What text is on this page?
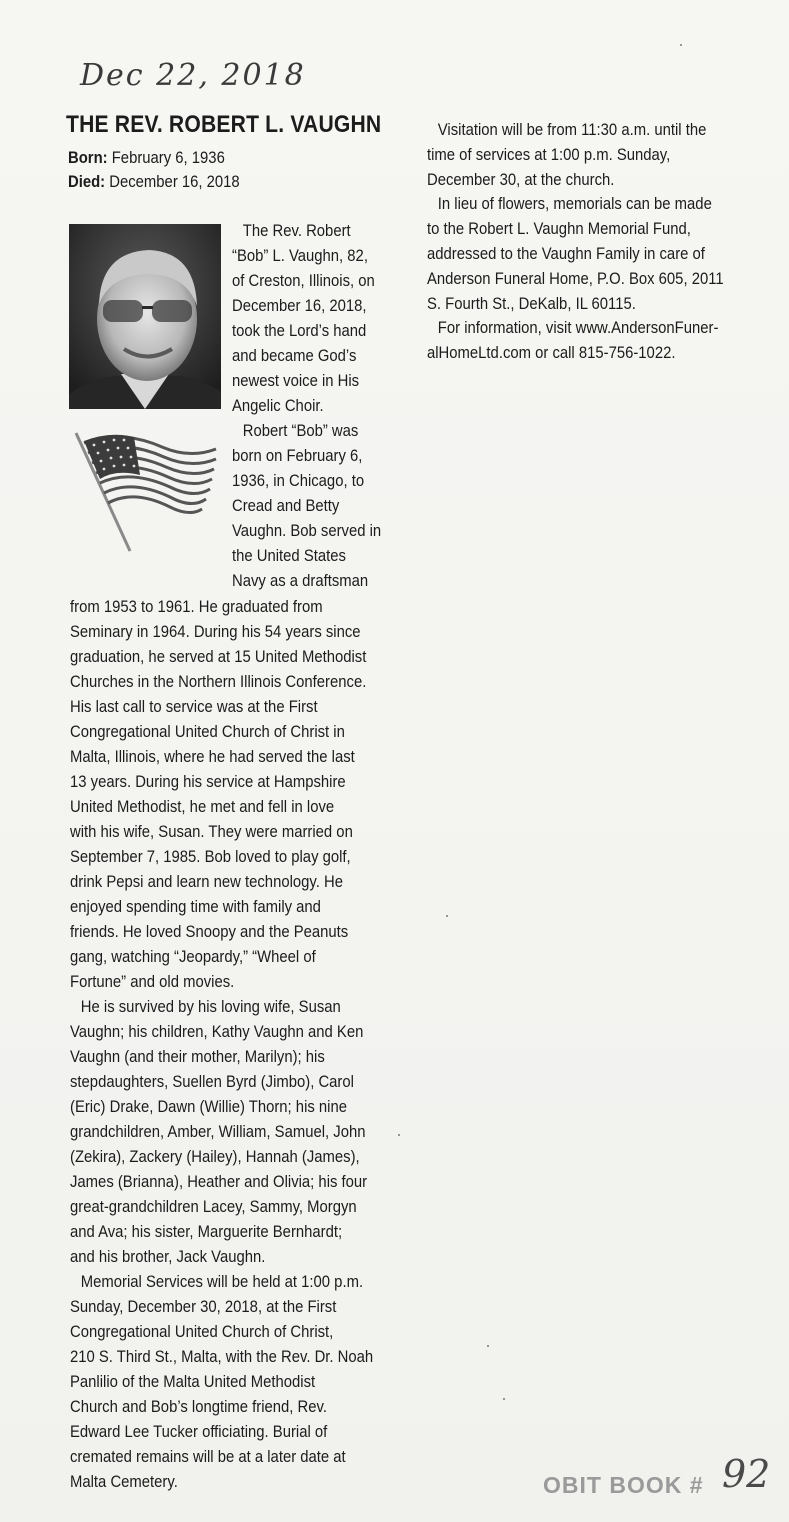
Dec 22, 2018
THE REV. ROBERT L. VAUGHN
Born: February 6, 1936
Died: December 16, 2018

The Rev. Robert

“Bob” L. Vaughn, 82,

of Creston, Illinois, on

December 16, 2018,

took the Lord’s hand

and became God’s

newest voice in His

Angelic Choir.

Robert “Bob” was

born on February 6,

1936, in Chicago, to

Cread and Betty

Vaughn. Bob served in

the United States

Navy as a draftsman

from 1953 to 1961. He graduated from

Seminary in 1964. During his 54 years since

graduation, he served at 15 United Methodist

Churches in the Northern Illinois Conference.

His last call to service was at the First

Congregational United Church of Christ in

Malta, Illinois, where he had served the last

13 years. During his service at Hampshire

United Methodist, he met and fell in love

with his wife, Susan. They were married on

September 7, 1985. Bob loved to play golf,

drink Pepsi and learn new technology. He

enjoyed spending time with family and

friends. He loved Snoopy and the Peanuts

gang, watching “Jeopardy,” “Wheel of

Fortune” and old movies.

He is survived by his loving wife, Susan

Vaughn; his children, Kathy Vaughn and Ken

Vaughn (and their mother, Marilyn); his

stepdaughters, Suellen Byrd (Jimbo), Carol

(Eric) Drake, Dawn (Willie) Thorn; his nine

grandchildren, Amber, William, Samuel, John

(Zekira), Zackery (Hailey), Hannah (James),

James (Brianna), Heather and Olivia; his four

great-grandchildren Lacey, Sammy, Morgyn

and Ava; his sister, Marguerite Bernhardt;

and his brother, Jack Vaughn.

Memorial Services will be held at 1:00 p.m.

Sunday, December 30, 2018, at the First

Congregational United Church of Christ,

210 S. Third St., Malta, with the Rev. Dr. Noah

Panlilio of the Malta United Methodist

Church and Bob’s longtime friend, Rev.

Edward Lee Tucker officiating. Burial of

cremated remains will be at a later date at

Malta Cemetery.

Visitation will be from 11:30 a.m. until the

time of services at 1:00 p.m. Sunday,

December 30, at the church.

In lieu of flowers, memorials can be made

to the Robert L. Vaughn Memorial Fund,

addressed to the Vaughn Family in care of

Anderson Funeral Home, P.O. Box 605, 2011

S. Fourth St., DeKalb, IL 60115.

For information, visit www.AndersonFuner-

alHomeLtd.com or call 815-756-1022.

OBIT BOOK # 92
